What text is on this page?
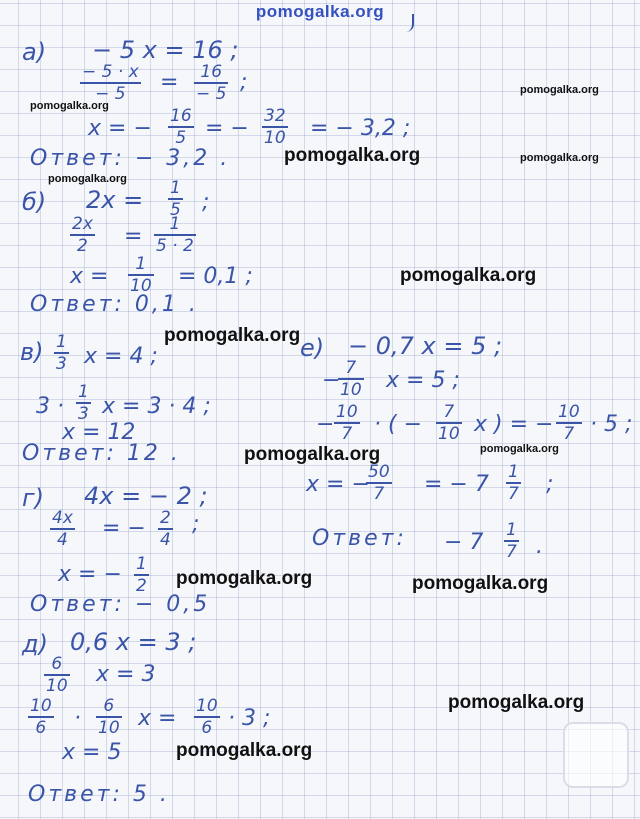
pomogalka.org
а) − 5 x = 16 ;
$\frac{- 5 \cdot x}{- 5} = \frac{16}{- 5}$ ;
x = − $\frac{16}{5}$ = − $\frac{32}{10}$ = − 3,2 ;
Ответ: − 3,2 .
б) $2x = \frac{1}{5}$ ;
$\frac{2x}{2} = \frac{1}{5 \cdot 2}$
$x = \frac{1}{10} = 0,1$ ;
Ответ: 0,1 .
$в) \frac{1}{3}$ x = 4 ;
$3 \cdot \frac{1}{3}$ x = 3 · 4 ;
x = 12
Ответ: 12 .
г) 4x = − 2 ;
$\frac{4x}{4}$ = − $\frac{2}{4}$ ;
x = − $\frac{1}{2}$
Ответ: − 0,5
д) 0,6 x = 3 ;
$\frac{6}{10}$ x = 3
$\frac{10}{6} \cdot \frac{6}{10}$ $x = \frac{10}{6} \cdot 3$ ;
x = 5
Ответ: 5 .
е) − 0,7 x = 5 ;
−
$\frac{7}{10}$ x = 5 ;
− $\frac{10}{7}$ · ( − $\frac{7}{10}$ x ) = − $\frac{10}{7} \cdot 5$ ;
x = −
$\frac{50}{7}$ = − $7 \frac{1}{7}$ ;
Ответ: − $7 \frac{1}{7}$ .
pomogalka.org
pomogalka.org
pomogalka.org
pomogalka.org
pomogalka.org
pomogalka.org
pomogalka.org
pomogalka.org
pomogalka.org
pomogalka.org	pomogalka.org
pomogalka.org
pomogalka.org
